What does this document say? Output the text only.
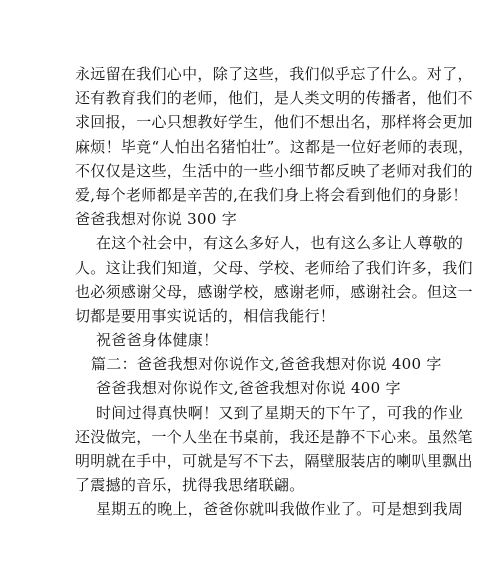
永远留在我们心中，除了这些，我们似乎忘了什么。对了，
还有教育我们的老师，他们，是人类文明的传播者，他们不
求回报，一心只想教好学生，他们不想出名，那样将会更加
麻烦！毕竟“人怕出名猪怕壮”。这都是一位好老师的表现，
不仅仅是这些，生活中的一些小细节都反映了老师对我们的
爱,每个老师都是辛苦的,在我们身上将会看到他们的身影！
爸爸我想对你说 300 字
在这个社会中，有这么多好人，也有这么多让人尊敬的
人。这让我们知道，父母、学校、老师给了我们许多，我们
也必须感谢父母，感谢学校，感谢老师，感谢社会。但这一
切都是要用事实说话的，相信我能行！
祝爸爸身体健康！
篇二：爸爸我想对你说作文,爸爸我想对你说 400 字
爸爸我想对你说作文,爸爸我想对你说 400 字
时间过得真快啊！又到了星期天的下午了，可我的作业
还没做完，一个人坐在书桌前，我还是静不下心来。虽然笔
明明就在手中，可就是写不下去，隔壁服装店的喇叭里飘出
了震撼的音乐，扰得我思绪联翩。
星期五的晚上，爸爸你就叫我做作业了。可是想到我周
